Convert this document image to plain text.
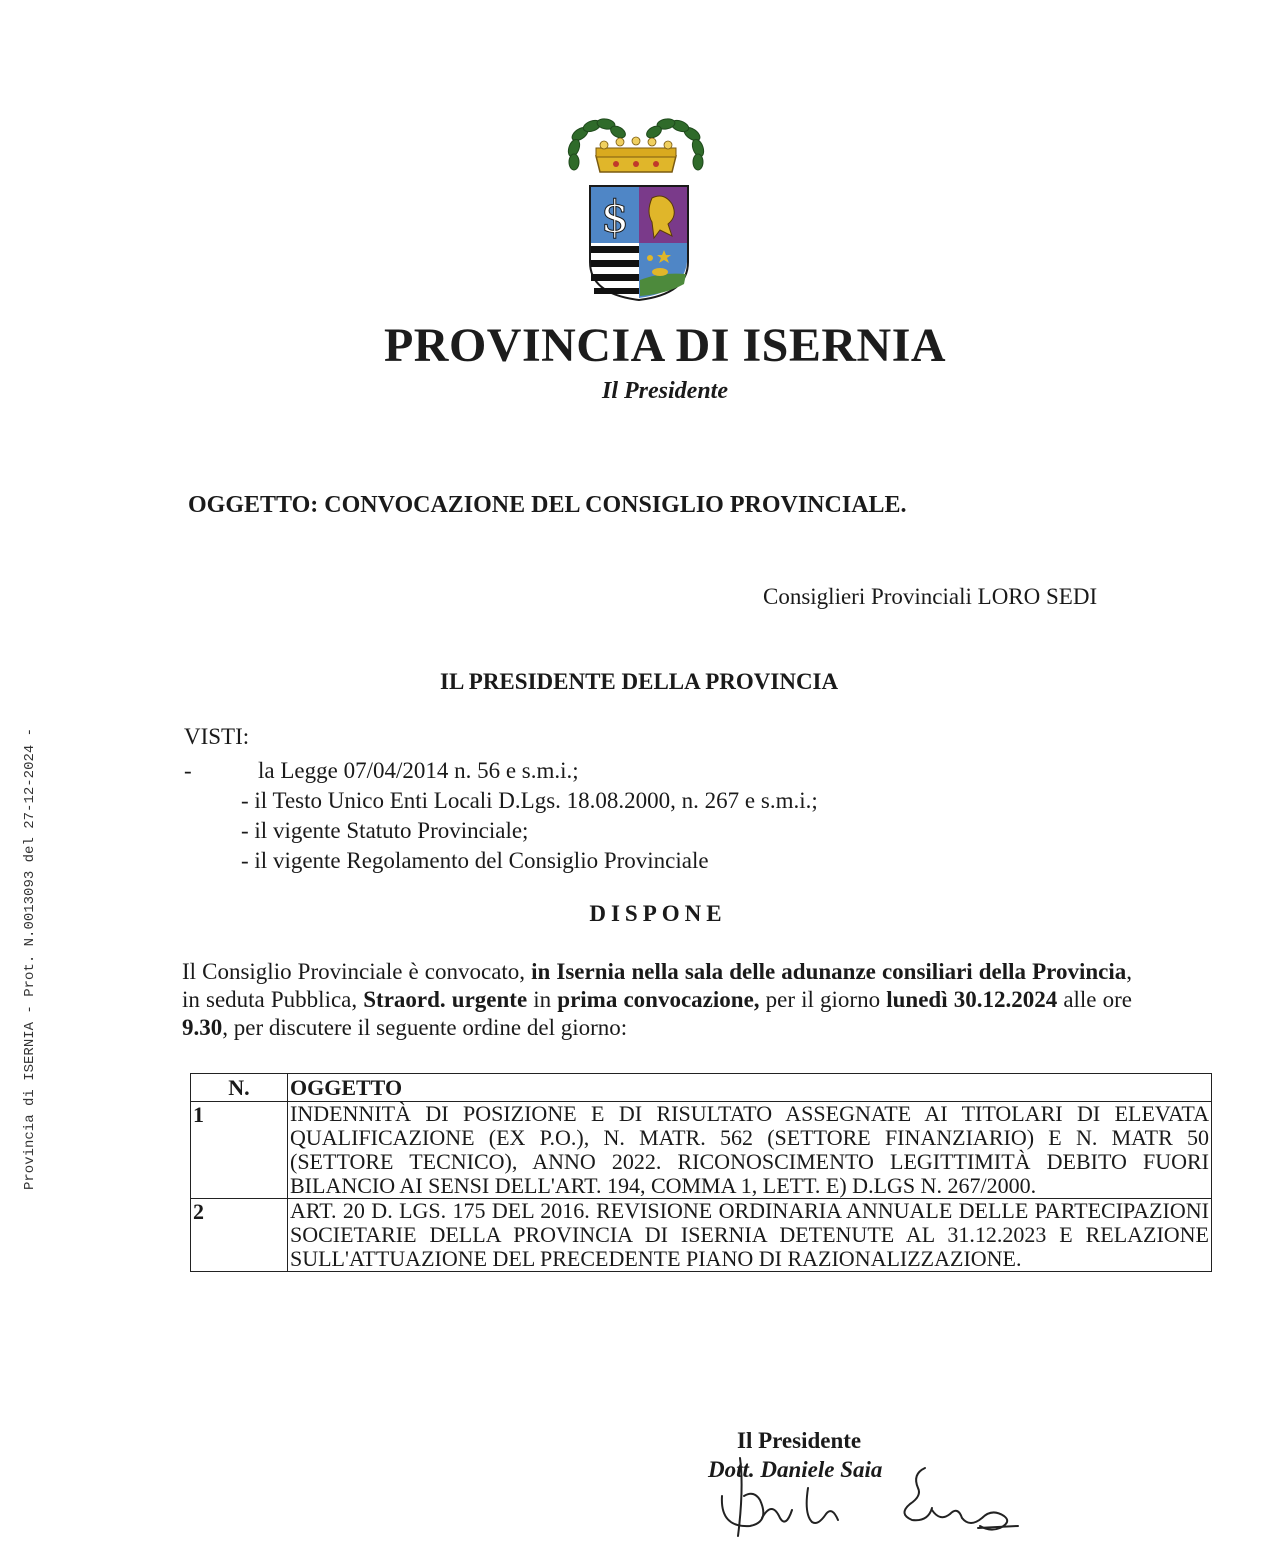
Provincia di ISERNIA - Prot. N.0013093 del 27-12-2024 -
$
PROVINCIA DI ISERNIA
Il Presidente
OGGETTO: CONVOCAZIONE DEL CONSIGLIO PROVINCIALE.
Consiglieri Provinciali LORO SEDI
IL PRESIDENTE DELLA PROVINCIA
VISTI:
-	la Legge 07/04/2014 n. 56 e s.m.i.;
- il Testo Unico Enti Locali D.Lgs. 18.08.2000, n. 267 e s.m.i.;
- il vigente Statuto Provinciale;
- il vigente Regolamento del Consiglio Provinciale
DISPONE
Il Consiglio Provinciale è convocato, in Isernia nella sala delle adunanze consiliari della Provincia, in seduta Pubblica, Straord. urgente in prima convocazione, per il giorno lunedì 30.12.2024 alle ore 9.30, per discutere il seguente ordine del giorno:
N.	OGGETTO
1	INDENNITÀ DI POSIZIONE E DI RISULTATO ASSEGNATE AI TITOLARI DI ELEVATA QUALIFICAZIONE (EX P.O.), N. MATR. 562 (SETTORE FINANZIARIO) E N. MATR 50 (SETTORE TECNICO), ANNO 2022. RICONOSCIMENTO LEGITTIMITÀ DEBITO FUORI BILANCIO AI SENSI DELL'ART. 194, COMMA 1, LETT. E) D.LGS N. 267/2000.
2	ART. 20 D. LGS. 175 DEL 2016. REVISIONE ORDINARIA ANNUALE DELLE PARTECIPAZIONI SOCIETARIE DELLA PROVINCIA DI ISERNIA DETENUTE AL 31.12.2023 E RELAZIONE SULL'ATTUAZIONE DEL PRECEDENTE PIANO DI RAZIONALIZZAZIONE.
Il Presidente
Dott. Daniele Saia
